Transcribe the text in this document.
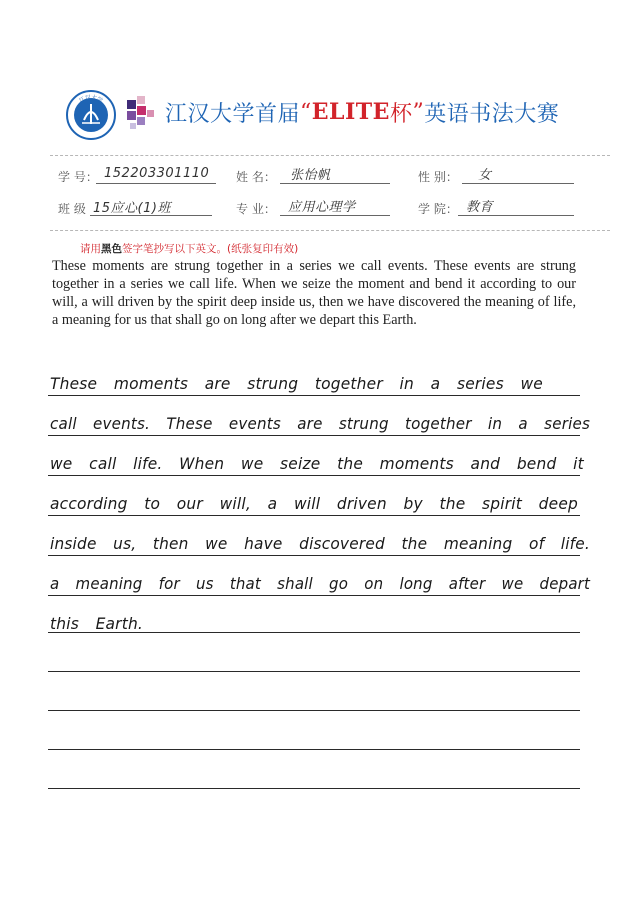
江汉大学
江汉大学首届 “ ELITE 杯 ” 英语书法大赛
学 号： 152203301110 姓 名： 张怡帆	性 别： 女
班 级 15应心(1)班	专 业： 应用心理学	学 院： 教育
请用黑色签字笔抄写以下英文。(纸张复印有效)

These moments are strung together in a series we call events. These events are strung together in a series we call life. When we seize the moment and bend it according to our will, a will driven by the spirit deep inside us, then we have discovered the meaning of life, a meaning for us that shall go on long after we depart this Earth.

These moments are strung together in a series we
call events. These events are strung together in a series
we call life. When we seize the moments and bend it
according to our will, a will driven by the spirit deep
inside us, then we have discovered the meaning of life.
a meaning for us that shall go on long after we depart
this Earth.
